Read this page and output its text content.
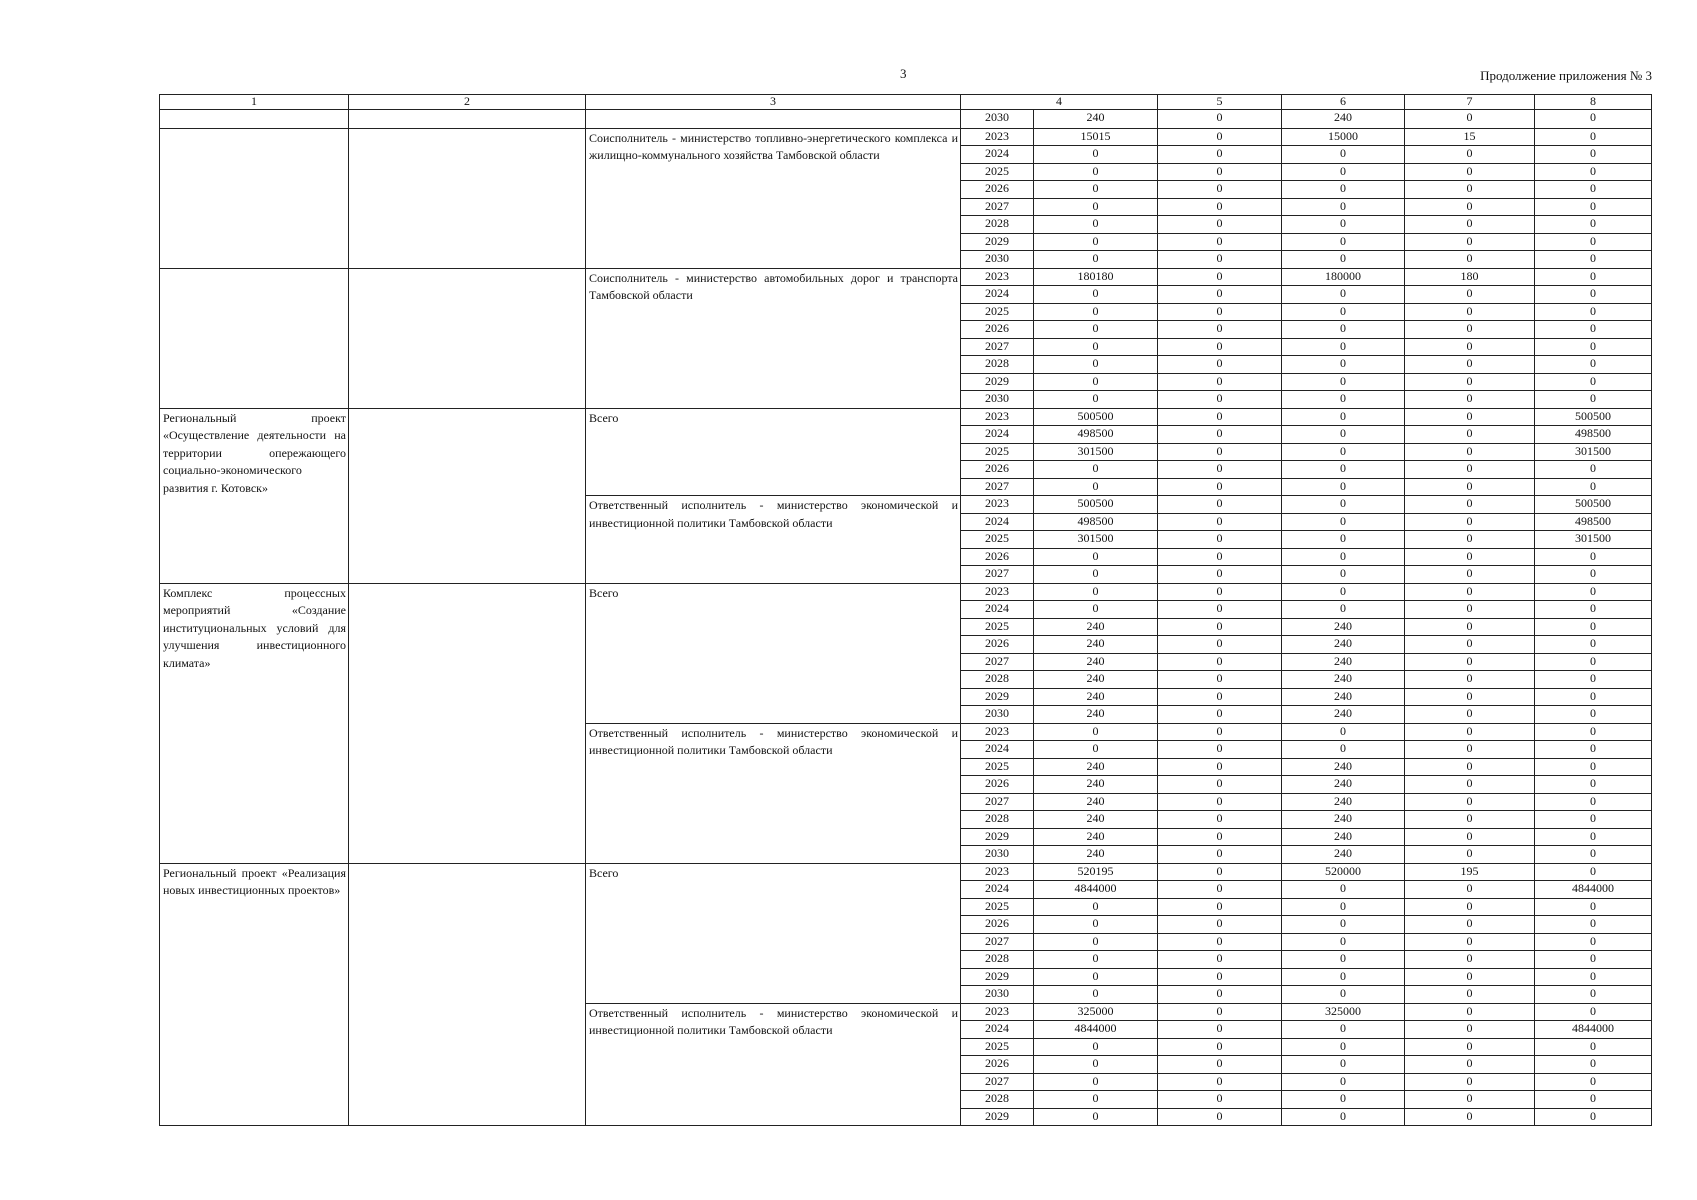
3	Продолжение приложения № 3
1	2	3	4		5	6	7	8
			2030	240	0	240	0	0
		Соисполнитель - министерство топливно-энергетического комплекса и жилищно-коммунального хозяйства Тамбовской области	2023	15015	0	15000	15	0
			2024	0	0	0	0	0
			2025	0	0	0	0	0
			2026	0	0	0	0	0
			2027	0	0	0	0	0
			2028	0	0	0	0	0
			2029	0	0	0	0	0
			2030	0	0	0	0	0
		Соисполнитель - министерство автомобильных дорог и транспорта Тамбовской области	2023	180180	0	180000	180	0
			2024	0	0	0	0	0
			2025	0	0	0	0	0
			2026	0	0	0	0	0
			2027	0	0	0	0	0
			2028	0	0	0	0	0
			2029	0	0	0	0	0
			2030	0	0	0	0	0
Региональный проект «Осуществление деятельности на территории опережающего социально-экономического развития г. Котовск»		Всего	2023	500500	0	0	0	500500
			2024	498500	0	0	0	498500
			2025	301500	0	0	0	301500
			2026	0	0	0	0	0
			2027	0	0	0	0	0
		Ответственный исполнитель - министерство экономической и инвестиционной политики Тамбовской области	2023	500500	0	0	0	500500
			2024	498500	0	0	0	498500
			2025	301500	0	0	0	301500
			2026	0	0	0	0	0
			2027	0	0	0	0	0
Комплекс процессных мероприятий «Создание институциональных условий для улучшения инвестиционного климата»		Всего	2023	0	0	0	0	0
			2024	0	0	0	0	0
			2025	240	0	240	0	0
			2026	240	0	240	0	0
			2027	240	0	240	0	0
			2028	240	0	240	0	0
			2029	240	0	240	0	0
			2030	240	0	240	0	0
		Ответственный исполнитель - министерство экономической и инвестиционной политики Тамбовской области	2023	0	0	0	0	0
			2024	0	0	0	0	0
			2025	240	0	240	0	0
			2026	240	0	240	0	0
			2027	240	0	240	0	0
			2028	240	0	240	0	0
			2029	240	0	240	0	0
			2030	240	0	240	0	0
Региональный проект «Реализация новых инвестиционных проектов»		Всего	2023	520195	0	520000	195	0
			2024	4844000	0	0	0	4844000
			2025	0	0	0	0	0
			2026	0	0	0	0	0
			2027	0	0	0	0	0
			2028	0	0	0	0	0
			2029	0	0	0	0	0
			2030	0	0	0	0	0
		Ответственный исполнитель - министерство экономической и инвестиционной политики Тамбовской области	2023	325000	0	325000	0	0
			2024	4844000	0	0	0	4844000
			2025	0	0	0	0	0
			2026	0	0	0	0	0
			2027	0	0	0	0	0
			2028	0	0	0	0	0
			2029	0	0	0	0	0
